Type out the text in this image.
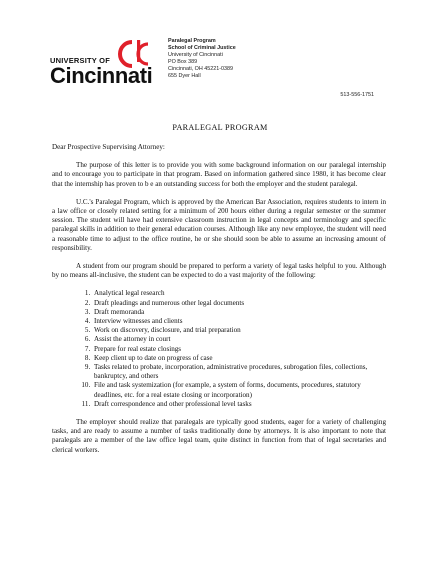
UNIVERSITY OF
Cincinnati
Paralegal Program
School of Criminal Justice
University of Cincinnati
PO Box 389
Cincinnati, OH 45221-0389
655 Dyer Hall
513-556-1751
PARALEGAL PROGRAM

Dear Prospective Supervising Attorney:

The purpose of this letter is to provide you with some background information on our paralegal internship and to encourage you to participate in that program. Based on information gathered since 1980, it has become clear that the internship has proven to b e an outstanding success for both the employer and the student paralegal.

U.C.'s Paralegal Program, which is approved by the American Bar Association, requires students to intern in a law office or closely related setting for a minimum of 200 hours either during a regular semester or the summer session. The student will have had extensive classroom instruction in legal concepts and terminology and specific paralegal skills in addition to their general education courses. Although like any new employee, the student will need a reasonable time to adjust to the office routine, he or she should soon be able to assume an increasing amount of responsibility.

A student from our program should be prepared to perform a variety of legal tasks helpful to you. Although by no means all-inclusive, the student can be expected to do a vast majority of the following:

1. Analytical legal research
2. Draft pleadings and numerous other legal documents
3. Draft memoranda
4. Interview witnesses and clients
5. Work on discovery, disclosure, and trial preparation
6. Assist the attorney in court
7. Prepare for real estate closings
8. Keep client up to date on progress of case
9. Tasks related to probate, incorporation, administrative procedures, subrogation files, collections, bankruptcy, and others
10. File and task systemization (for example, a system of forms, documents, procedures, statutory deadlines, etc. for a real estate closing or incorporation)
11. Draft correspondence and other professional level tasks

The employer should realize that paralegals are typically good students, eager for a variety of challenging tasks, and are ready to assume a number of tasks traditionally done by attorneys. It is also important to note that paralegals are a member of the law office legal team, quite distinct in function from that of legal secretaries and clerical workers.
